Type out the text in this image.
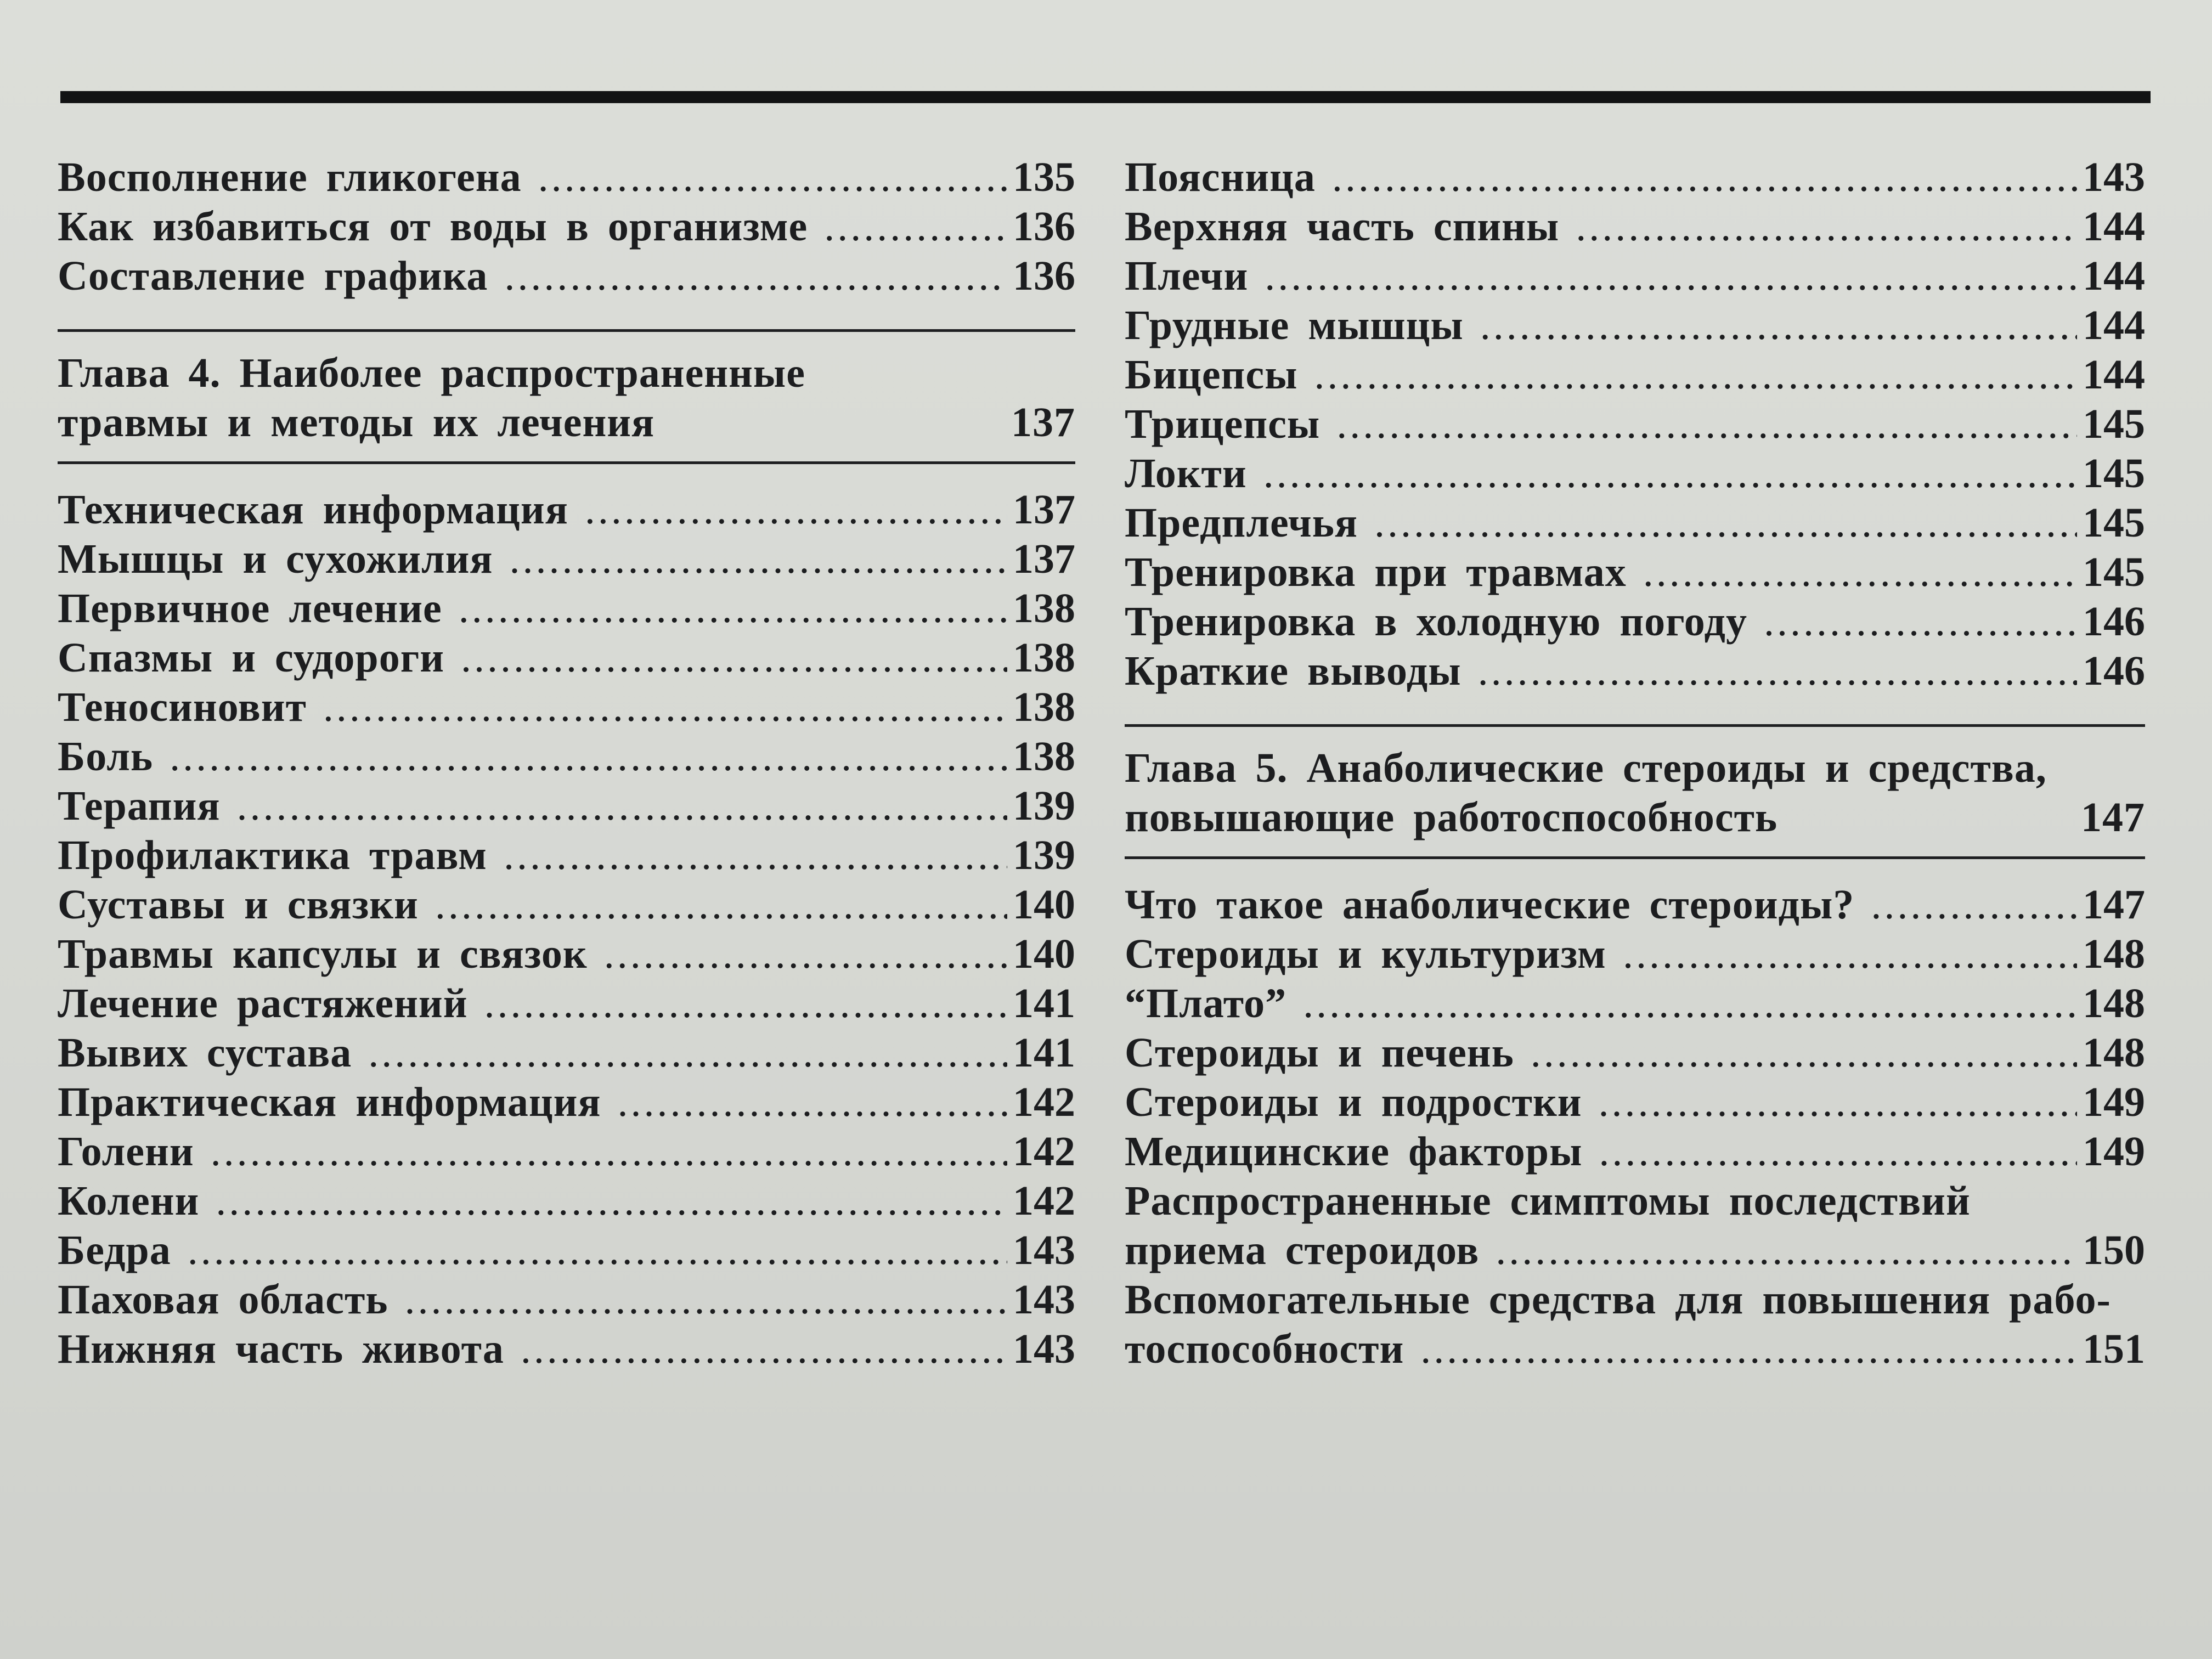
Восполнение гликогена .....	135
Как избавиться от воды в организме .....	136
Составление графика .....	136
Глава 4. Наиболее распространенные
травмы и методы их лечения	137
Техническая информация .....	137
Мышцы и сухожилия .....	137
Первичное лечение .....	138
Спазмы и судороги .....	138
Теносиновит .....	138
Боль .....	138
Терапия .....	139
Профилактика травм .....	139
Суставы и связки .....	140
Травмы капсулы и связок .....	140
Лечение растяжений .....	141
Вывих сустава .....	141
Практическая информация .....	142
Голени .....	142
Колени .....	142
Бедра .....	143
Паховая область .....	143
Нижняя часть живота .....	143
Поясница .....	143
Верхняя часть спины .....	144
Плечи .....	144
Грудные мышцы .....	144
Бицепсы .....	144
Трицепсы .....	145
Локти .....	145
Предплечья .....	145
Тренировка при травмах .....	145
Тренировка в холодную погоду .....	146
Краткие выводы .....	146
Глава 5. Анаболические стероиды и средства,
повышающие работоспособность	147
Что такое анаболические стероиды? .....	147
Стероиды и культуризм .....	148
“Плато” .....	148
Стероиды и печень .....	148
Стероиды и подростки .....	149
Медицинские факторы .....	149
Распространенные симптомы последствий
приема стероидов .....	150
Вспомогательные средства для повышения рабо-
тоспособности .....	151
